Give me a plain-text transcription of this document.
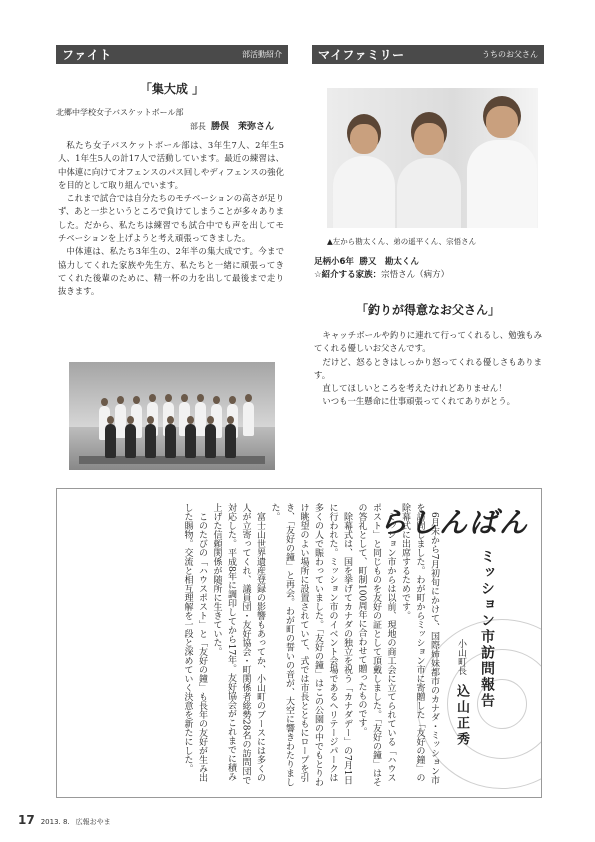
ファイト	部活動紹介
「集大成 」
北郷中学校女子バスケットボール部
部長 勝俣　茉弥さん

私たち女子バスケットボール部は、3年生7人、2年生5人、1年生5人の計17人で活動しています。最近の練習は、中体連に向けてオフェンスのパス回しやディフェンスの強化を目的として取り組んでいます。

これまで試合では自分たちのモチベーションの高さが足りず、あと一歩というところで負けてしまうことが多々ありました。だから、私たちは練習でも試合中でも声を出してモチベーションを上げようと考え頑張ってきました。

中体連は、私たち3年生の、2年半の集大成です。今まで協力してくれた家族や先生方、私たちと一緒に頑張ってきてくれた後輩のために、精一杯の力を出して最後まで走り抜きます。

マイファミリー	うちのお父さん
▲左から勘太くん、弟の遥平くん、宗悟さん
足柄小6年 勝又　勘太くん
☆紹介する家族：宗悟さん（病方）
「釣りが得意なお父さん」

キャッチボールや釣りに連れて行ってくれるし、勉強もみてくれる優しいお父さんです。

だけど、怒るときはしっかり怒ってくれる優しさもあります。

直してほしいところを考えたけれどありません！

いつも一生懸命に仕事頑張ってくれてありがとう。

らしんばん
ミッション市訪問報告
小山町長 込山正秀

6月末から7月初旬にかけて、国際姉妹都市のカナダ・ミッション市を訪問しました。わが町からミッション市に寄贈した「友好の鐘」の除幕式に出席するためです。

ミッション市からは以前、現地の商工会に立てられている「ハウスポスト」と同じものを友好の証として頂戴しました。「友好の鐘」はその答礼として、町制100周年に合わせて贈ったものです。

除幕式は、国を挙げてカナダの独立を祝う「カナダデー」の7月1日に行われた。ミッション市のイベント会場であるヘリテージパークは多くの人で賑わっていました。「友好の鐘」はこの公園の中でもとりわけ眺望のよい場所に設置されていて、式では市長とともにロープを引き、「友好の鐘」と再会。わが町の誓いの音が、大空に響きわたりました。

富士山世界遺産登録の影響もあってか、小山町のブースには多くの人が立寄ってくれ、議員団・友好協会・町関係者総勢28名の訪問団で対応した。平成8年に調印してから17年。友好協会がこれまでに積み上げた信頼関係が随所に生きていた。

このたびの「ハウスポスト」と「友好の鐘」も長年の友好が生み出した賜物。交流と相互理解を一段と深めていく決意を新たにした。

17 2013. 8. 広報おやま
